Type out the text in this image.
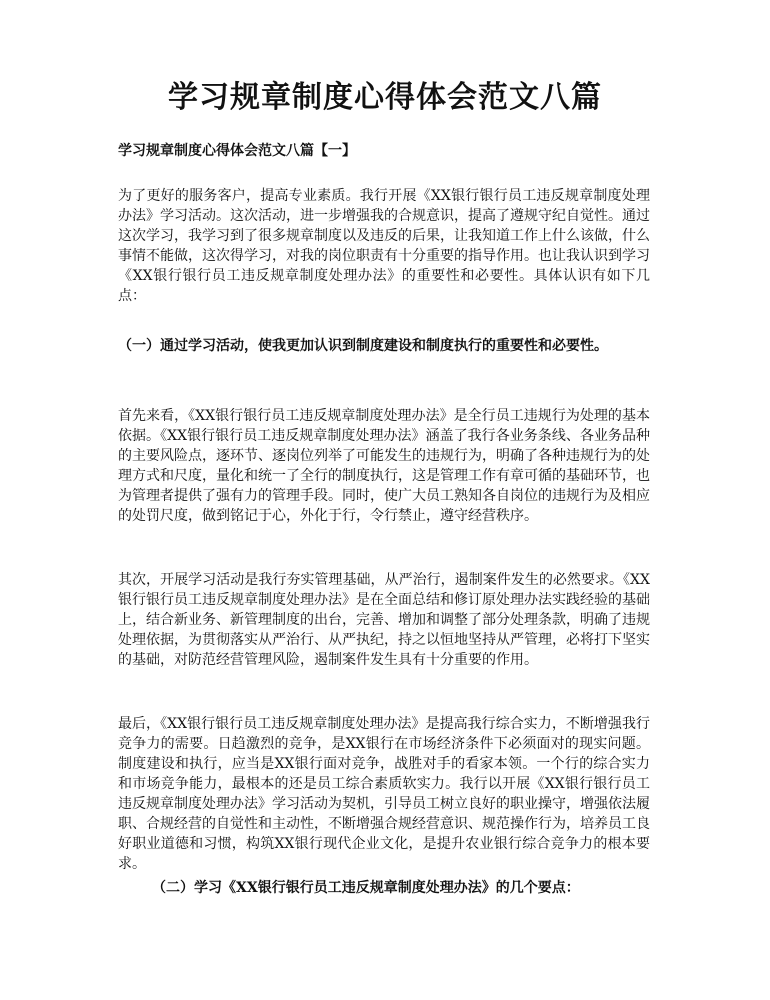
学习规章制度心得体会范文八篇
学习规章制度心得体会范文八篇【一】
为了更好的服务客户，提高专业素质。我行开展《XX银行银行员工违反规章制度处理办法》学习活动。这次活动，进一步增强我的合规意识，提高了遵规守纪自觉性。通过这次学习，我学习到了很多规章制度以及违反的后果，让我知道工作上什么该做，什么事情不能做，这次得学习，对我的岗位职责有十分重要的指导作用。也让我认识到学习《XX银行银行员工违反规章制度处理办法》的重要性和必要性。具体认识有如下几点：
（一）通过学习活动，使我更加认识到制度建设和制度执行的重要性和必要性。
首先来看，《XX银行银行员工违反规章制度处理办法》是全行员工违规行为处理的基本依据。《XX银行银行员工违反规章制度处理办法》涵盖了我行各业务条线、各业务品种的主要风险点，逐环节、逐岗位列举了可能发生的违规行为，明确了各种违规行为的处理方式和尺度，量化和统一了全行的制度执行，这是管理工作有章可循的基础环节，也为管理者提供了强有力的管理手段。同时，使广大员工熟知各自岗位的违规行为及相应的处罚尺度，做到铭记于心，外化于行，令行禁止，遵守经营秩序。
其次，开展学习活动是我行夯实管理基础，从严治行，遏制案件发生的必然要求。《XX银行银行员工违反规章制度处理办法》是在全面总结和修订原处理办法实践经验的基础上，结合新业务、新管理制度的出台，完善、增加和调整了部分处理条款，明确了违规处理依据，为贯彻落实从严治行、从严执纪，持之以恒地坚持从严管理，必将打下坚实的基础，对防范经营管理风险，遏制案件发生具有十分重要的作用。
最后，《XX银行银行员工违反规章制度处理办法》是提高我行综合实力，不断增强我行竞争力的需要。日趋激烈的竞争，是XX银行在市场经济条件下必须面对的现实问题。制度建设和执行，应当是XX银行面对竞争，战胜对手的看家本领。一个行的综合实力和市场竞争能力，最根本的还是员工综合素质软实力。我行以开展《XX银行银行员工违反规章制度处理办法》学习活动为契机，引导员工树立良好的职业操守，增强依法履职、合规经营的自觉性和主动性，不断增强合规经营意识、规范操作行为，培养员工良好职业道德和习惯，构筑XX银行现代企业文化，是提升农业银行综合竞争力的根本要求。
（二）学习《XX银行银行员工违反规章制度处理办法》的几个要点：
